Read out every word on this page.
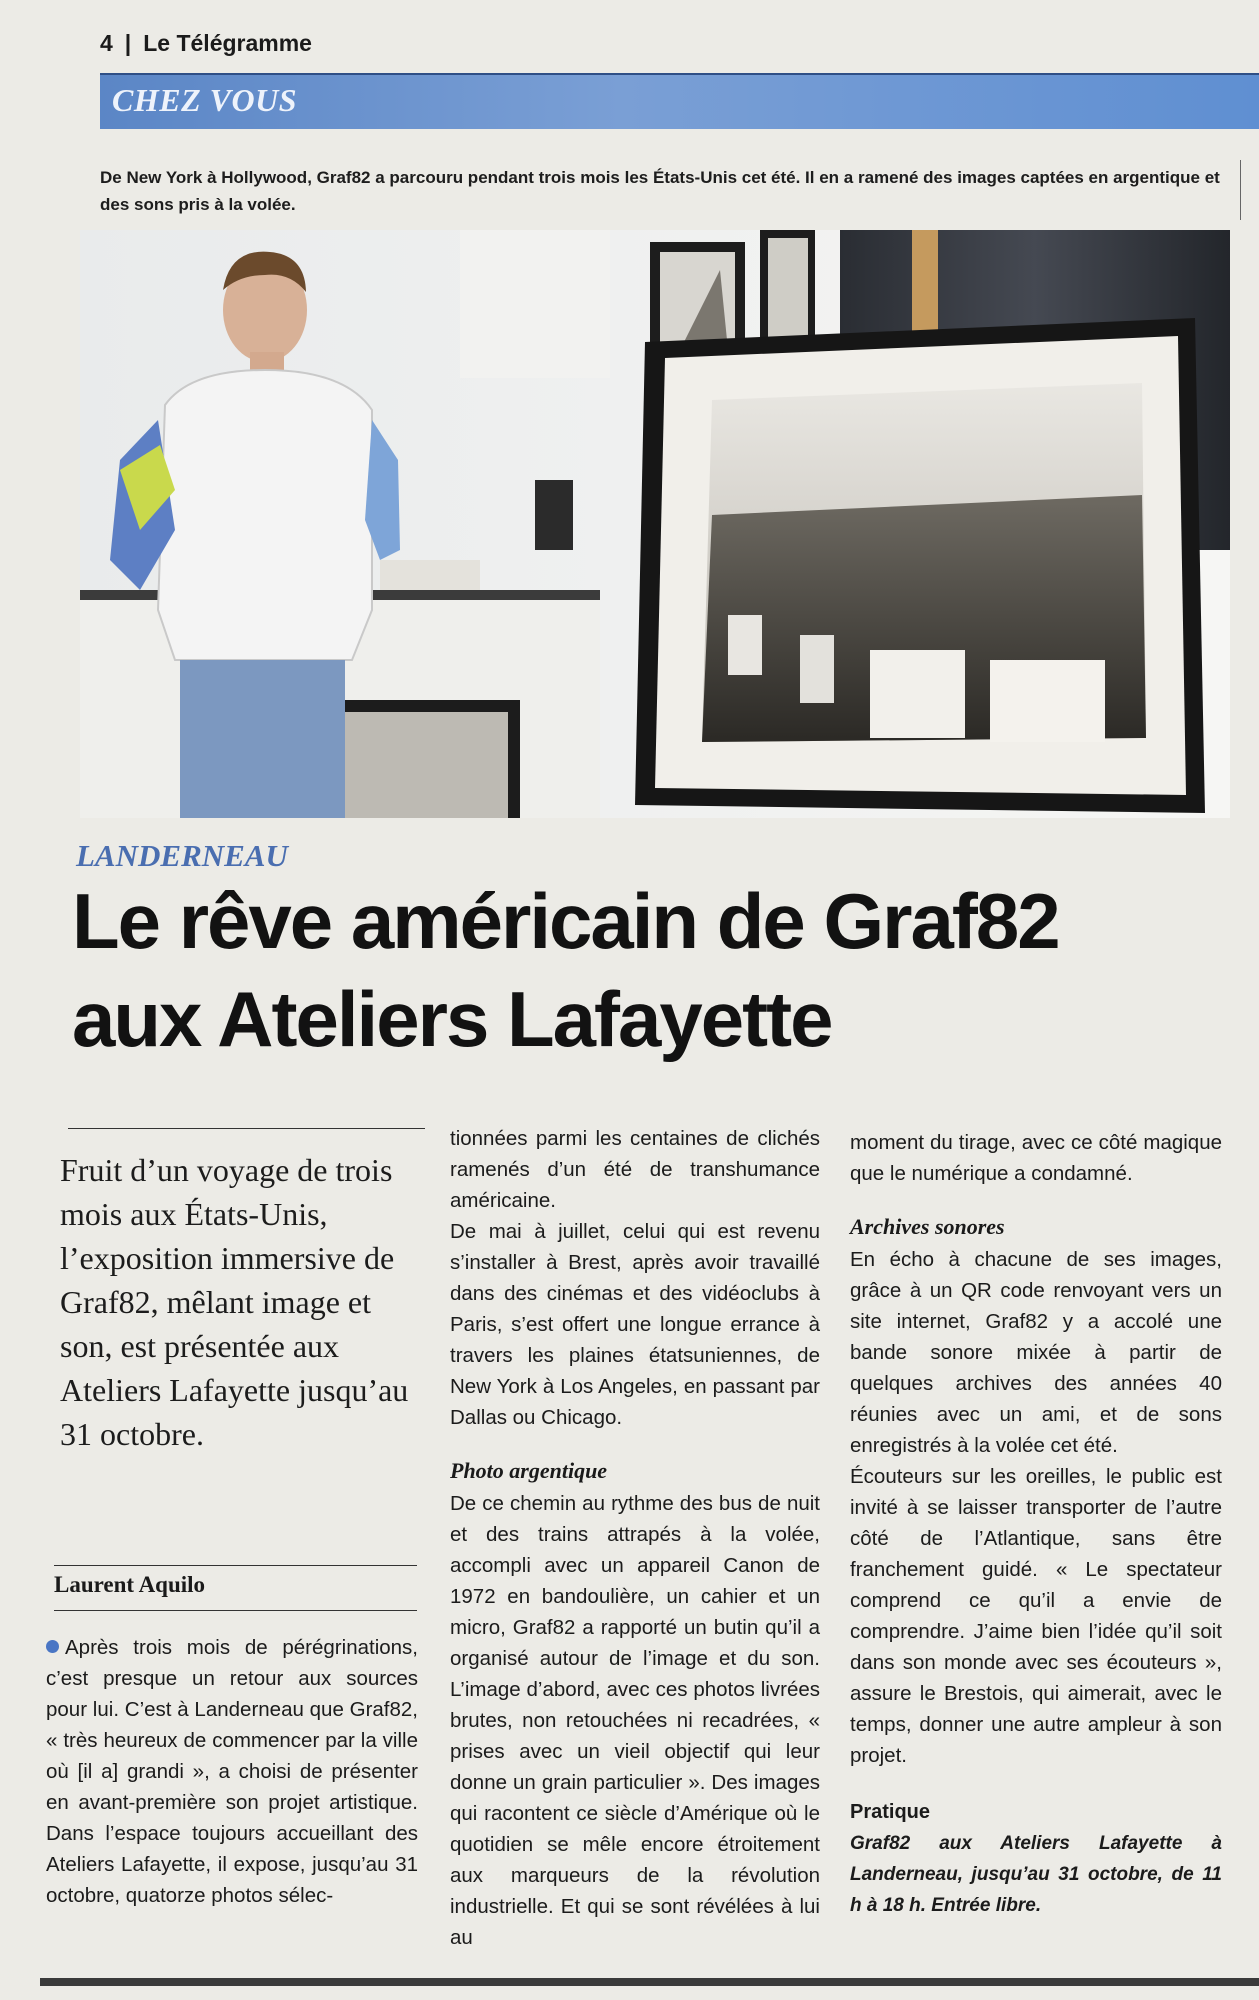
4 | Le Télégramme
CHEZ VOUS
De New York à Hollywood, Graf82 a parcouru pendant trois mois les États-Unis cet été. Il en a ramené des images captées en argentique et des sons pris à la volée.
LANDERNEAU
Le rêve américain de Graf82
aux Ateliers Lafayette
Fruit d’un voyage de trois mois aux États-Unis, l’exposition immersive de Graf82, mêlant image et son, est présentée aux Ateliers Lafayette jusqu’au 31 octobre.
Laurent Aquilo

Après trois mois de pérégrinations, c’est presque un retour aux sources pour lui. C’est à Landerneau que Graf82, « très heureux de commencer par la ville où [il a] grandi », a choisi de présenter en avant-première son projet artistique. Dans l’espace toujours accueillant des Ateliers Lafayette, il expose, jusqu’au 31 octobre, quatorze photos sélec-

tionnées parmi les centaines de clichés ramenés d’un été de transhumance américaine.

De mai à juillet, celui qui est revenu s’installer à Brest, après avoir travaillé dans des cinémas et des vidéoclubs à Paris, s’est offert une longue errance à travers les plaines étatsuniennes, de New York à Los Angeles, en passant par Dallas ou Chicago.

Photo argentique

De ce chemin au rythme des bus de nuit et des trains attrapés à la volée, accompli avec un appareil Canon de 1972 en bandoulière, un cahier et un micro, Graf82 a rapporté un butin qu’il a organisé autour de l’image et du son. L’image d’abord, avec ces photos livrées brutes, non retouchées ni recadrées, « prises avec un vieil objectif qui leur donne un grain particulier ». Des images qui racontent ce siècle d’Amérique où le quotidien se mêle encore étroitement aux marqueurs de la révolution industrielle. Et qui se sont révélées à lui au

moment du tirage, avec ce côté magique que le numérique a condamné.

Archives sonores

En écho à chacune de ses images, grâce à un QR code renvoyant vers un site internet, Graf82 y a accolé une bande sonore mixée à partir de quelques archives des années 40 réunies avec un ami, et de sons enregistrés à la volée cet été.

Écouteurs sur les oreilles, le public est invité à se laisser transporter de l’autre côté de l’Atlantique, sans être franchement guidé. « Le spectateur comprend ce qu’il a envie de comprendre. J’aime bien l’idée qu’il soit dans son monde avec ses écouteurs », assure le Brestois, qui aimerait, avec le temps, donner une autre ampleur à son projet.

Pratique

Graf82 aux Ateliers Lafayette à Landerneau, jusqu’au 31 octobre, de 11 h à 18 h. Entrée libre.
